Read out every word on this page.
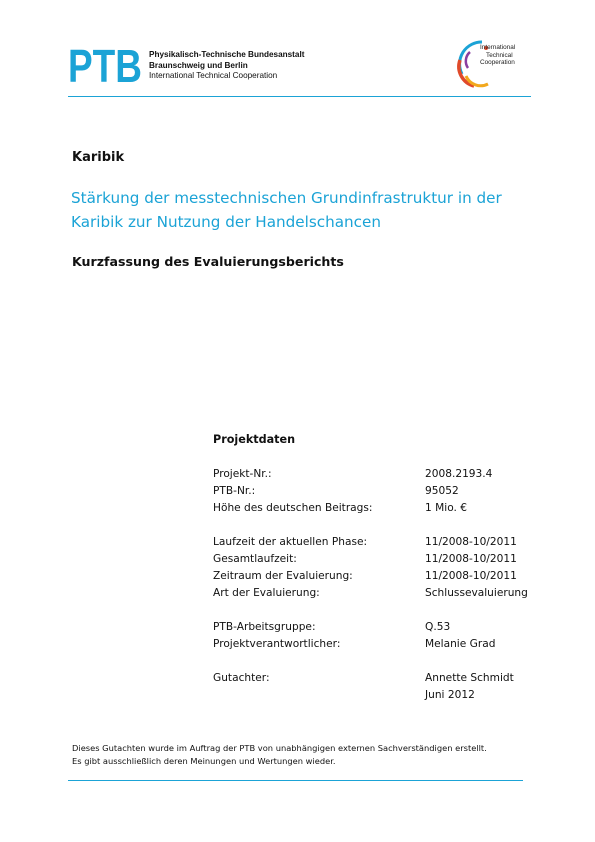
PTB Physikalisch-Technische Bundesanstalt
Braunschweig und Berlin
International Technical Cooperation
International
Technical
Cooperation
Karibik
Stärkung der messtechnischen Grundinfrastruktur in der Karibik zur Nutzung der Handelschancen
Kurzfassung des Evaluierungsberichts
Projektdaten
Projekt-Nr.:	2008.2193.4
PTB-Nr.:	95052
Höhe des deutschen Beitrags:	1 Mio. €
Laufzeit der aktuellen Phase:	11/2008-10/2011
Gesamtlaufzeit:	11/2008-10/2011
Zeitraum der Evaluierung:	11/2008-10/2011
Art der Evaluierung:	Schlussevaluierung
PTB-Arbeitsgruppe:	Q.53
Projektverantwortlicher:	Melanie Grad
Gutachter:	Annette Schmidt
Juni 2012
Dieses Gutachten wurde im Auftrag der PTB von unabhängigen externen Sachverständigen erstellt.
Es gibt ausschließlich deren Meinungen und Wertungen wieder.
